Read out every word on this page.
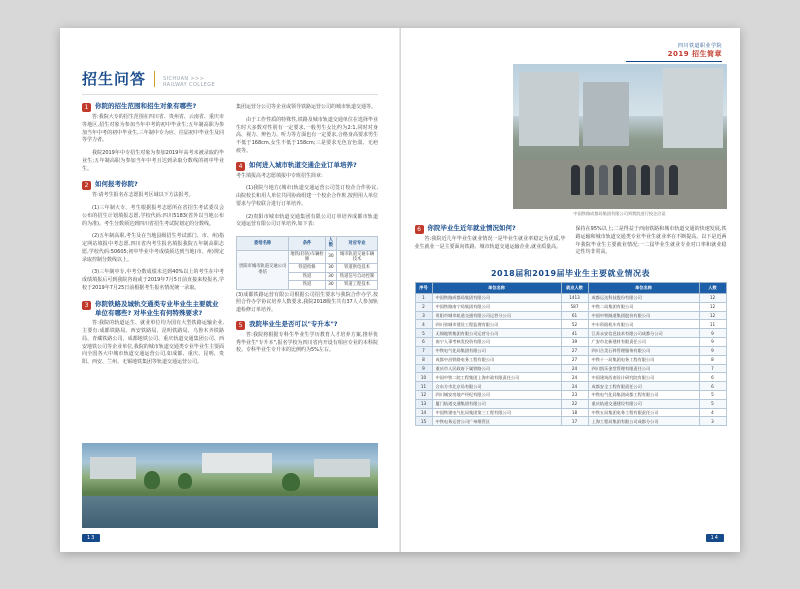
招生问答	SICHUAN >>>
RAILWAY COLLEGE
1	你院的招生范围和招生对象有哪些?

答:我院大专的招生范围在四川省、贵州省、云南省、重庆市等地区,招生对象为参加当年中考的初中毕业生;五年制高职为参加当年中考的初中毕业生,三年制中专为应、往届初中毕业生及同等学力者。

我院2019年中专招生对象为参加2019年高考未被录取的毕业生;五年制高职为参加当年中考且达到录取分数线的初中毕业生。

2	如何报考你院?

答:请考生报名在志愿报考区域以下方法报考。

(1)三年制大专、考生根据报考志愿所在省招生考试委员会公布的招生计划填报志愿,学校代码:四川5183(省外以当地公布的为准)。考生分数须达到四川省招生考试院划定的分数线。

(2)五年制高职,考生及在当地县级招生考试部门、市、州)指定网站填报中考志愿,四川省内考生报名填报我院五年制高职志愿,学校代码:50605;初中毕业中考成绩须达到当地(市、州)规定录取控制分数线以上。

(3)三年制中专,中考分数成绩未达到40%以上的考生在中考成绩填报后可到我院咨询或于2019年7月5日前直接来校报名,学校于2019年7月25日前根据考生报名情况统一录取。

3	你院铁路及城轨交通类专业毕业生主要就业单位有哪些? 对毕业生有何特殊要求?

答:我院的轨道运生、就业单位均为国有大型铁路运输企业,主要有:成都铁路局、西安铁路局、昆明铁路局、乌鲁木齐铁路局、青藏铁路公司、成都地铁公司、重庆轨道交通集团公司、西安地铁公司等企业单位,我院的城市轨道交通类专业毕业生主要面向全国各大中城市轨道交通运营公司,如成都、重庆、昆明、贵阳、西安、兰州、无锡地铁集团等轨道交通运营公司。

集团运营分公司等企业或领导铁路运营公司的城市轨道交通等。

由于工作性质的特殊性,铁路及城市轨道交通单位在选择毕业生时大多数对性别有一定要求,一般男生女比约为2:1,同时对身高、视力、辨色力、听力等方面也有一定要求,合格身高要求男生不低于168cm,女生不低于158cm;三是要求无色盲色弱、无疤痕等。

4	如何进入城市轨道交通企业订单培养?

考生填报高考志愿填报中专班招生简章:

(1)我院与地方(城市)轨道交通运营公司签订校企合作协议,由院校长和用人单位共同协商组建一个校企合作班,按照用人单位要求与学校联合进行订单培养。

(2)贵阳市城市轨道交通集团有限公司订单培养成都市轨道交通运营有限公司订单培养,如下表:

委培名称	条件	人数	对应专业
贵阳市城市轨道交通公司委培	地铁(轻轨)车辆检修	30	城市轨道交通车辆技术
	铁道检修	30	铁道供电技术
	铁道	30	铁道信号自动控制
	铁道	30	铁道工程技术

(3)成都铁路运营有限公司根据公司招生要求与我院合作办学,按照合作办学协议培养人数要求,我院2018级生共有37人人参加轨道检修订单培养。

5	我院毕业生是否可以"专升本"?

答:我院将根据专科生毕业生学历教育人才培养方案,推荐优秀毕业生"专升本",报名学校为四川省内开设有相应专业的本科院校。专科毕业生专升本的比例约为5%左右。

13
四川铁道职业学院
2019 招生简章
中国铁路成都局集团有限公司到我院进行校企洽谈
6	你院毕业生近年就业情况如何?

答:我院近几年毕业生就业情况一是毕业生就业率稳定为优质,毕业生就业一是主要面向铁路、城市轨道交通运输企业,就业质量高。

保持在95%以上;二是得益于西南铁路和城市轨道交通的快速发展,铁路运输和城市轨道交通类专业毕业生就业率在不断提高。以下是近两年我院毕业生主要就业情况;一二届毕业生就业专业对口率和就业稳定性均非常高。

2018届和2019届毕业生主要就业情况表
序号	单位名称	就业人数	单位名称	人数
1	中国铁路成都局集团有限公司	1413	成都运达科技股份有限公司	12
2	中国铁路南宁局集团有限公司	587	中铁二局集团有限公司	12
3	贵阳市城市轨道交通有限公司运营分公司	61	中国中铁隧道集团股份有限公司	12
4	四川省城市建设工程监理有限公司	52	中车资阳机车有限公司	11
5	无锡地铁集团有限公司运营分公司	41	江苏永安信息技术有限公司成都分公司	9
6	南宁人事考核发投资有限公司	39	广安市北新建材有限责任公司	9
7	中铁电气化局集团有限公司	27	四川合美石料管理服务有限公司	9
8	成都中昌铁路电务工程有限公司	27	中铁十一局集团电务工程有限公司	8
9	重庆市人民政府下属铁路公司	24	四川凯乐金堂管理有限责任公司	7
10	中国中铁二院工程集团上海市政有限责任公司	24	中国建筑西南设计研究院有限公司	6
11	合东方市北京局有限公司	24	成都安全工程有限责任公司	6
12	四川城安房地产经纪有限公司	23	中铁电气化局集团成都工程有限公司	5
13	厦门轨道交通集团有限公司	22	重庆轨道交通建设有限公司	5
14	中国铁建电气化局集团第三工程有限公司	18	中铁五局集团电务工程有限责任公司	4
15	中铁电务运营公司广州维管区	17	上海工程局集团有限公司成都分公司	3
14
